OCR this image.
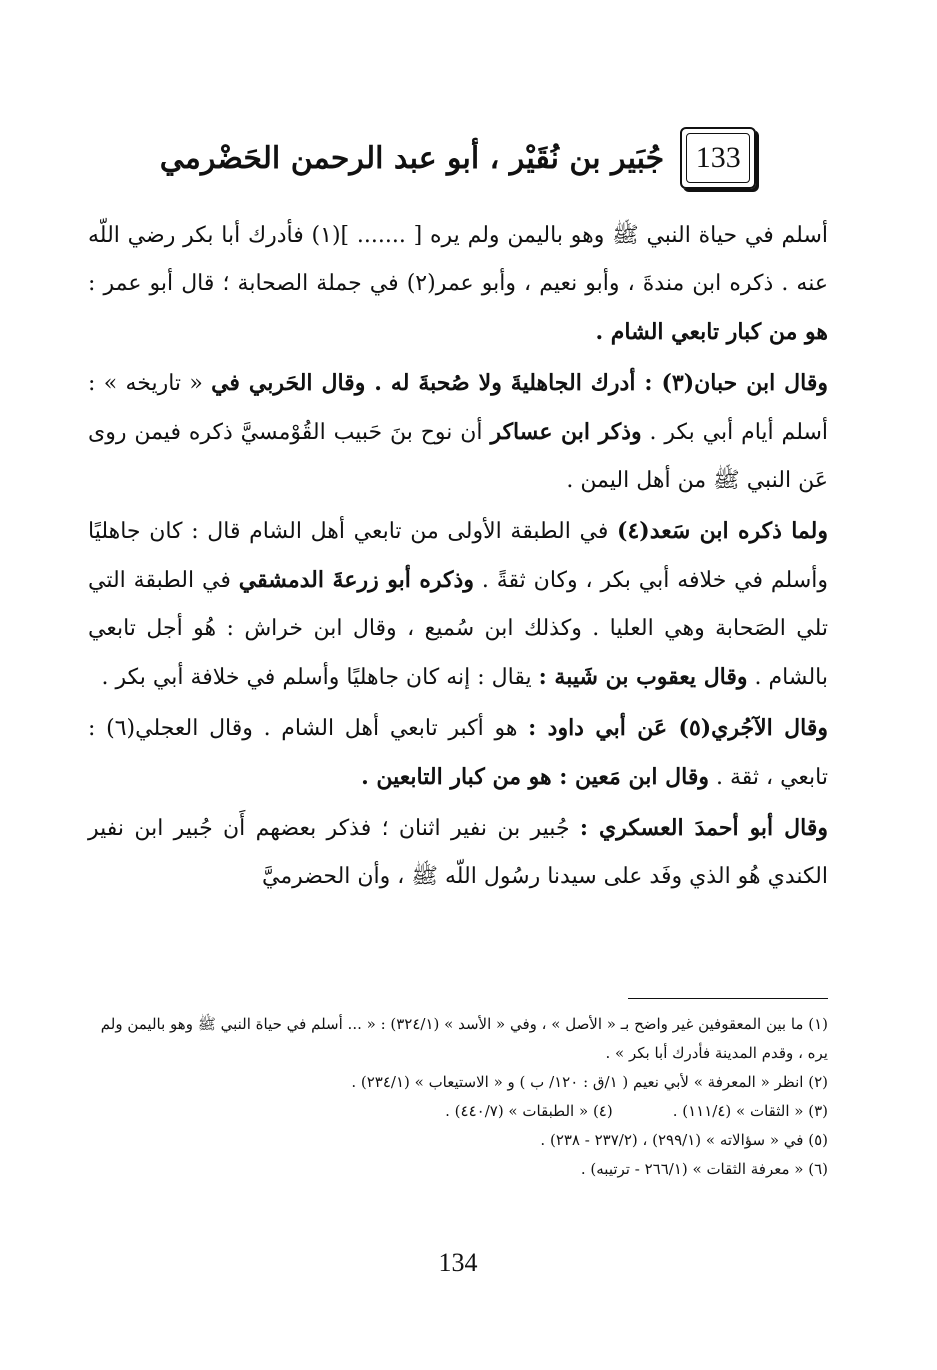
133
جُبَير بن نُقَيْر ، أبو عبد الرحمن الحَضْرمي

أسلم في حياة النبي ﷺ وهو باليمن ولم يره [ ....... ](١) فأدرك أبا بكر رضي اللّه عنه . ذكره ابن مندةَ ، وأبو نعيم ، وأبو عمر(٢) في جملة الصحابة ؛ قال أبو عمر : هو من كبار تابعي الشام .

وقال ابن حبان(٣) : أدرك الجاهليةَ ولا صُحبةَ له . وقال الحَربي في « تاريخه » : أسلم أيام أبي بكر . وذكر ابن عساكر أن نوح بنَ حَبيب القُوْمسيَّ ذكره فيمن روى عَن النبي ﷺ من أهل اليمن .

ولما ذكره ابن سَعد(٤) في الطبقة الأولى من تابعي أهل الشام قال : كان جاهليًا وأسلم في خلافه أبي بكر ، وكان ثقةً . وذكره أبو زرعةَ الدمشقي في الطبقة التي تلي الصَحابة وهي العليا . وكذلك ابن سُميع ، وقال ابن خراش : هُو أجل تابعي بالشام . وقال يعقوب بن شَيبة : يقال : إنه كان جاهليًا وأسلم في خلافة أبي بكر .

وقال الآجُري(٥) عَن أبي داود : هو أكبر تابعي أهل الشام . وقال العجلي(٦) : تابعي ، ثقة . وقال ابن مَعين : هو من كبار التابعين .

وقال أبو أحمدَ العسكري : جُبير بن نفير اثنان ؛ فذكر بعضهم أَن جُبير ابن نفير الكندي هُو الذي وفَد على سيدنا رسُول اللّه ﷺ ، وأن الحضرميَّ

(١) ما بين المعقوفين غير واضح بـ « الأصل » ، وفي « الأسد » (٣٢٤/١) : « ... أسلم في حياة النبي ﷺ وهو باليمن ولم يره ، وقدم المدينة فأدرك أبا بكر » .

(٢) انظر « المعرفة » لأبي نعيم ( ١/ق : ١٢٠/ ب ) و « الاستيعاب » (٢٣٤/١) .

(٣) « الثقات » (١١١/٤) .

(٤) « الطبقات » (٤٤٠/٧) .

(٥) في « سؤالاته » (٢٩٩/١) ، (٢٣٧/٢ - ٢٣٨) .

(٦) « معرفة الثقات » (٢٦٦/١ - ترتيبه) .

134
